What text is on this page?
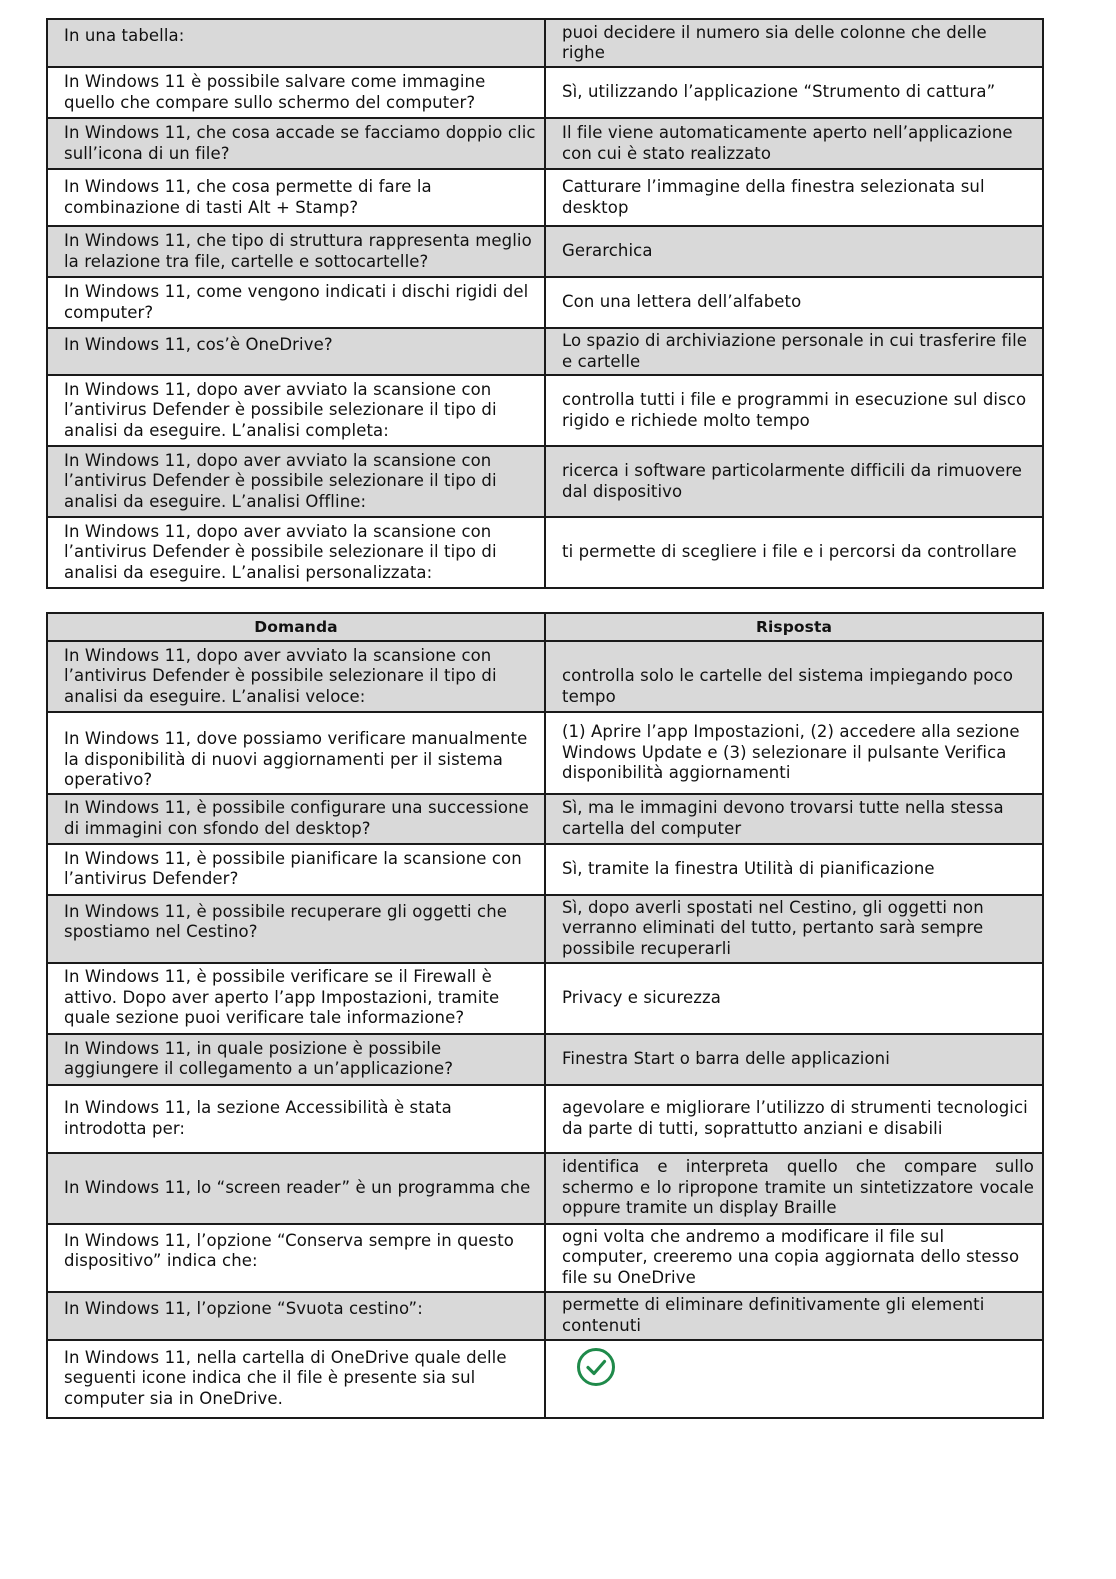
In una tabella:	puoi decidere il numero sia delle colonne che delle righe
In Windows 11 è possibile salvare come immagine quello che compare sullo schermo del computer?	Sì, utilizzando l’applicazione “Strumento di cattura”
In Windows 11, che cosa accade se facciamo doppio clic sull’icona di un file?	Il file viene automaticamente aperto nell’applicazione con cui è stato realizzato
In Windows 11, che cosa permette di fare la combinazione di tasti Alt + Stamp?	Catturare l’immagine della finestra selezionata sul desktop
In Windows 11, che tipo di struttura rappresenta meglio la relazione tra file, cartelle e sottocartelle?	Gerarchica
In Windows 11, come vengono indicati i dischi rigidi del computer?	Con una lettera dell’alfabeto
In Windows 11, cos’è OneDrive?	Lo spazio di archiviazione personale in cui trasferire file e cartelle
In Windows 11, dopo aver avviato la scansione con l’antivirus Defender è possibile selezionare il tipo di analisi da eseguire. L’analisi completa:	controlla tutti i file e programmi in esecuzione sul disco rigido e richiede molto tempo
In Windows 11, dopo aver avviato la scansione con l’antivirus Defender è possibile selezionare il tipo di analisi da eseguire. L’analisi Offline:	ricerca i software particolarmente difficili da rimuovere dal dispositivo
In Windows 11, dopo aver avviato la scansione con l’antivirus Defender è possibile selezionare il tipo di analisi da eseguire. L’analisi personalizzata:	ti permette di scegliere i file e i percorsi da controllare
Domanda	Risposta
In Windows 11, dopo aver avviato la scansione con l’antivirus Defender è possibile selezionare il tipo di analisi da eseguire. L’analisi veloce:	controlla solo le cartelle del sistema impiegando poco tempo
In Windows 11, dove possiamo verificare manualmente la disponibilità di nuovi aggiornamenti per il sistema operativo?	(1) Aprire l’app Impostazioni, (2) accedere alla sezione Windows Update e (3) selezionare il pulsante Verifica disponibilità aggiornamenti
In Windows 11, è possibile configurare una successione di immagini con sfondo del desktop?	Sì, ma le immagini devono trovarsi tutte nella stessa cartella del computer
In Windows 11, è possibile pianificare la scansione con l’antivirus Defender?	Sì, tramite la finestra Utilità di pianificazione
In Windows 11, è possibile recuperare gli oggetti che spostiamo nel Cestino?	Sì, dopo averli spostati nel Cestino, gli oggetti non verranno eliminati del tutto, pertanto sarà sempre possibile recuperarli
In Windows 11, è possibile verificare se il Firewall è attivo. Dopo aver aperto l’app Impostazioni, tramite quale sezione puoi verificare tale informazione?	Privacy e sicurezza
In Windows 11, in quale posizione è possibile aggiungere il collegamento a un’applicazione?	Finestra Start o barra delle applicazioni
In Windows 11, la sezione Accessibilità è stata introdotta per:	agevolare e migliorare l’utilizzo di strumenti tecnologici da parte di tutti, soprattutto anziani e disabili
In Windows 11, lo “screen reader” è un programma che	identifica e interpreta quello che compare sullo schermo e lo ripropone tramite un sintetizzatore vocale oppure tramite un display Braille
In Windows 11, l’opzione “Conserva sempre in questo dispositivo” indica che:	ogni volta che andremo a modificare il file sul computer, creeremo una copia aggiornata dello stesso file su OneDrive
In Windows 11, l’opzione “Svuota cestino”:	permette di eliminare definitivamente gli elementi contenuti
In Windows 11, nella cartella di OneDrive quale delle seguenti icone indica che il file è presente sia sul computer sia in OneDrive.	
